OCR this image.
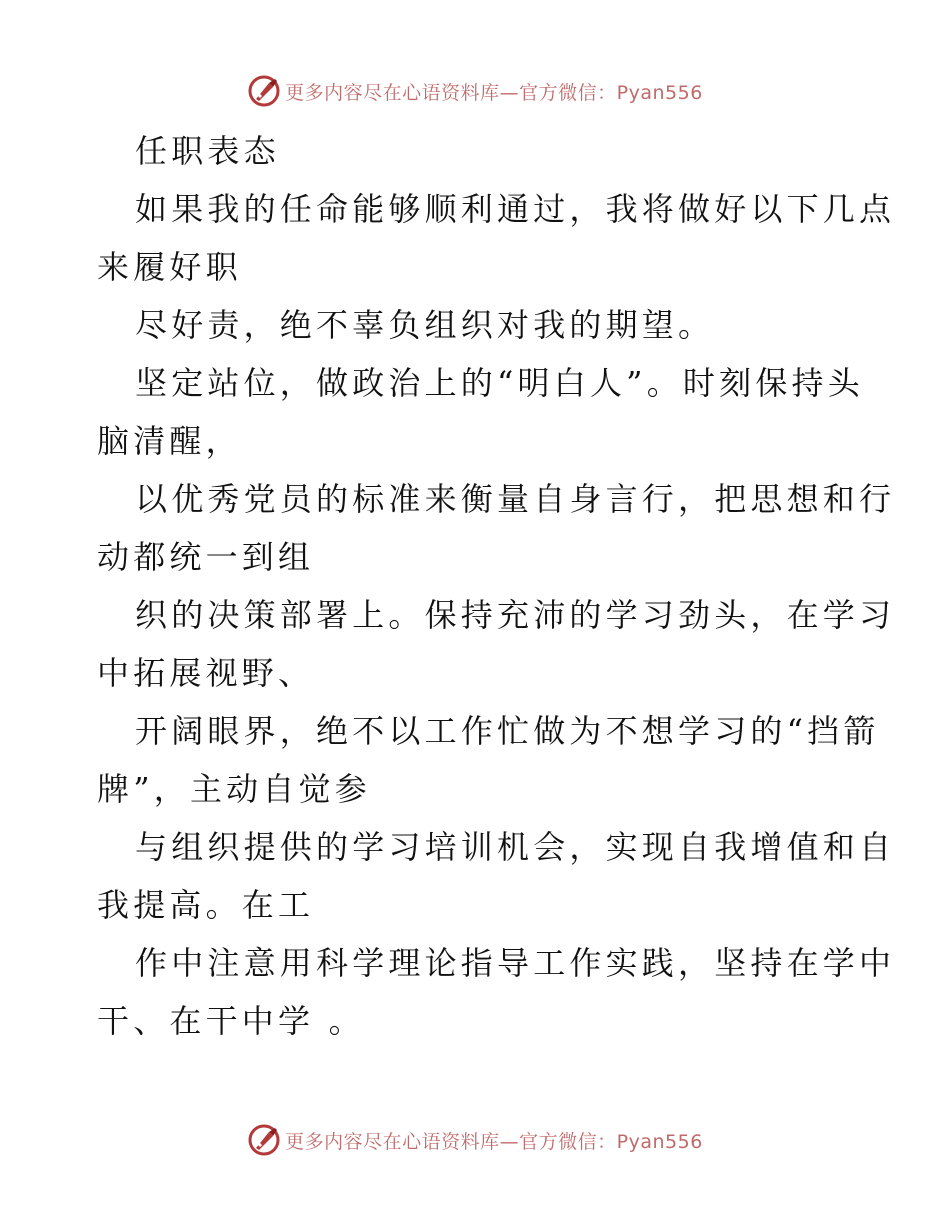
更多内容尽在心语资料库—官方微信：Pyan556
任职表态
如果我的任命能够顺利通过，我将做好以下几点
来履好职
尽好责，绝不辜负组织对我的期望。
坚定站位，做政治上的“明白人”。时刻保持头
脑清醒，
以优秀党员的标准来衡量自身言行，把思想和行
动都统一到组
织的决策部署上。保持充沛的学习劲头，在学习
中拓展视野、
开阔眼界，绝不以工作忙做为不想学习的“挡箭
牌”，主动自觉参
与组织提供的学习培训机会，实现自我增值和自
我提高。在工
作中注意用科学理论指导工作实践，坚持在学中
干、在干中学 。
更多内容尽在心语资料库—官方微信：Pyan556
